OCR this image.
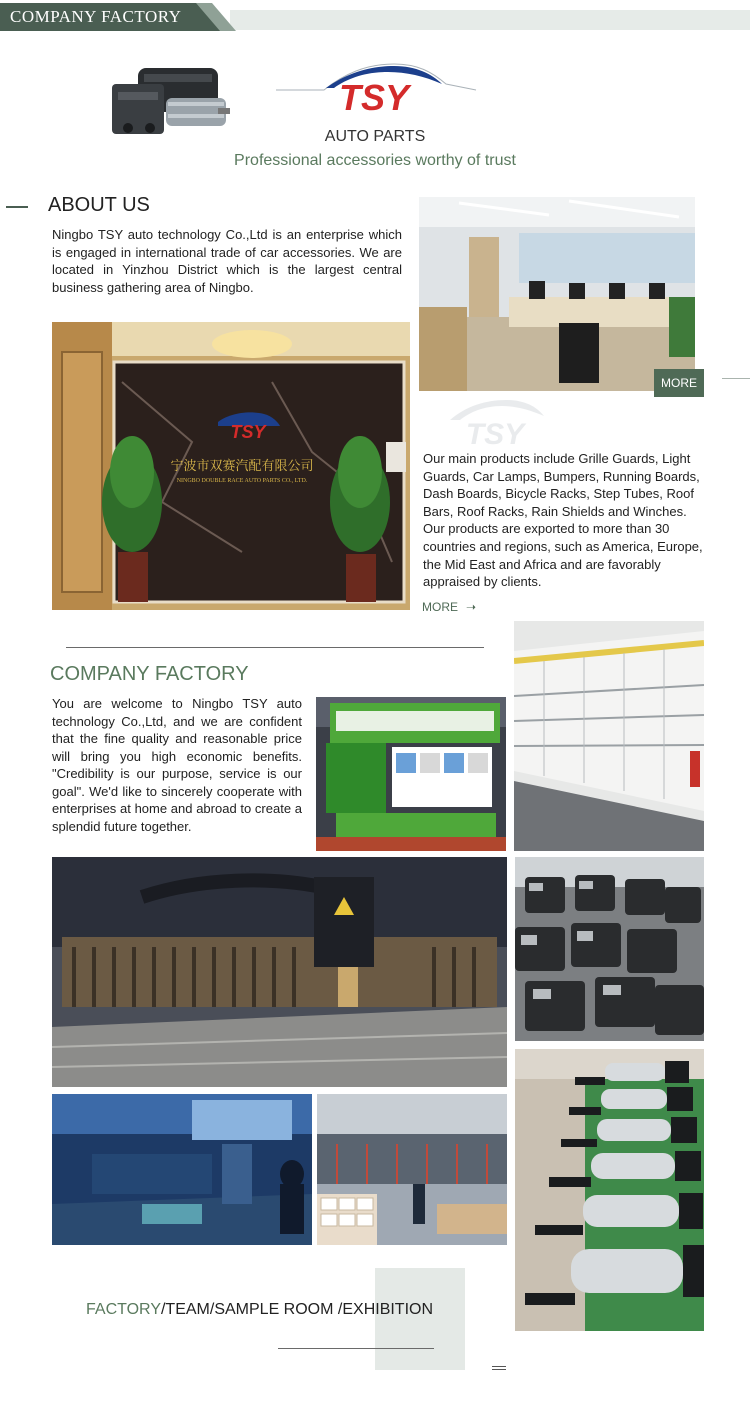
COMPANY FACTORY
TSY
AUTO PARTS
Professional accessories worthy of trust
ABOUT US
Ningbo TSY auto technology Co.,Ltd is an enterprise which is engaged in international trade of car accessories. We are located in Yinzhou District which is the largest central business gathering area of Ningbo.
MORE
TSY
宁波市双赛汽配有限公司
NINGBO DOUBLE RACE AUTO PARTS CO., LTD.
TSY
Our main products include Grille Guards, Light Guards, Car Lamps, Bumpers, Running Boards, Dash Boards, Bicycle Racks, Step Tubes, Roof Bars, Roof Racks, Rain Shields and Winches. Our products are exported to more than 30 countries and regions, such as America, Europe, the Mid East and Africa and are favorably appraised by clients.
MORE ➝
COMPANY FACTORY
You are welcome to Ningbo TSY auto technology Co.,Ltd, and we are confident that the fine quality and reasonable price will bring you high economic benefits. "Credibility is our purpose, service is our goal". We'd like to sincerely cooperate with enterprises at home and abroad to create a splendid future together.
FACTORY/TEAM/SAMPLE ROOM /EXHIBITION
